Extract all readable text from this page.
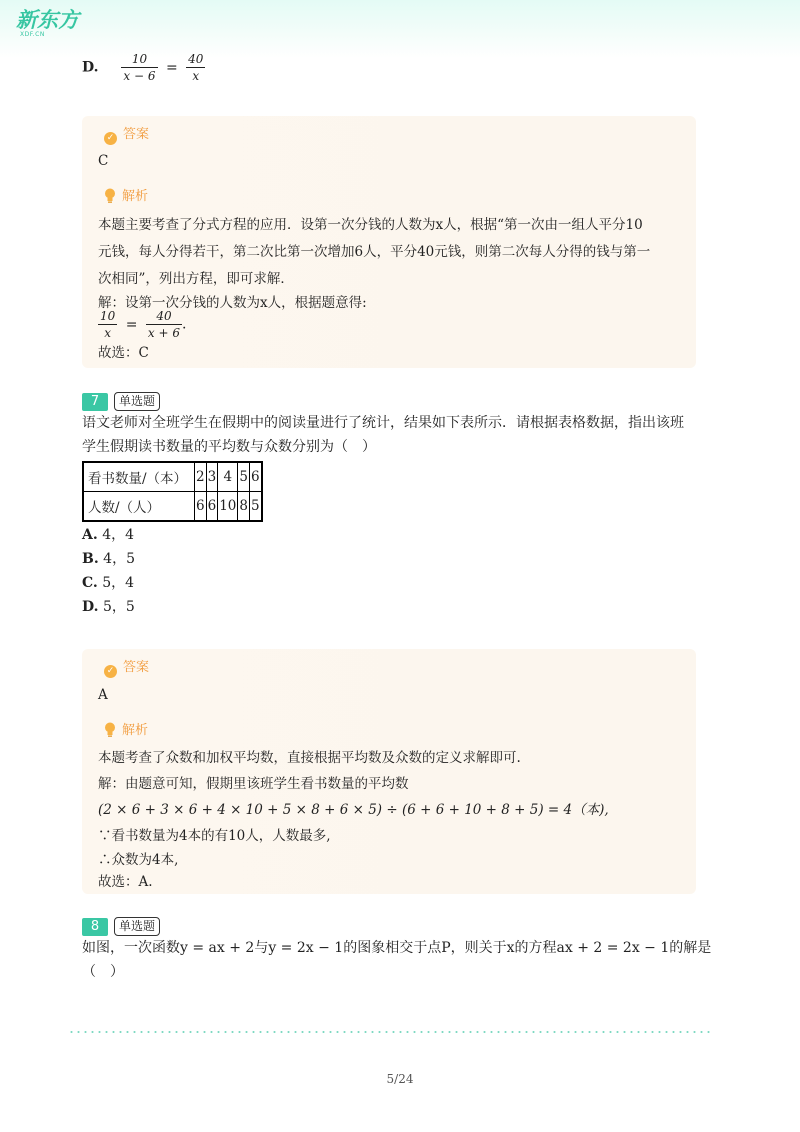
新东方
XDF.CN
D. $\frac{10}{x - 6} = \frac{40}{x}$
✓ 答案
C
解析
本题主要考查了分式方程的应用．设第一次分钱的人数为x人，根据“第一次由一组人平分10
元钱，每人分得若干，第二次比第一次增加6人，平分40元钱，则第二次每人分得的钱与第一
次相同”，列出方程，即可求解．
解：设第一次分钱的人数为x人，根据题意得:
$\frac{10}{x} = \frac{40}{x + 6}$ .
故选：C
7	单选题
语文老师对全班学生在假期中的阅读量进行了统计，结果如下表所示．请根据表格数据，指出该班
学生假期读书数量的平均数与众数分别为（　）
看书数量/（本）	2	3	4	5	6
人数/（人）	6	6	10	8	5
A. 4，4
B. 4，5
C. 5，4
D. 5，5
✓ 答案
A
解析
本题考查了众数和加权平均数，直接根据平均数及众数的定义求解即可.
解：由题意可知，假期里该班学生看书数量的平均数
(2 × 6 + 3 × 6 + 4 × 10 + 5 × 8 + 6 × 5) ÷ (6 + 6 + 10 + 8 + 5) = 4（本),
∵看书数量为4本的有10人，人数最多,
∴众数为4本,
故选：A.
8	单选题
如图，一次函数y = ax + 2与y = 2x − 1的图象相交于点P，则关于x的方程ax + 2 = 2x − 1的解是
（　）
5/24
